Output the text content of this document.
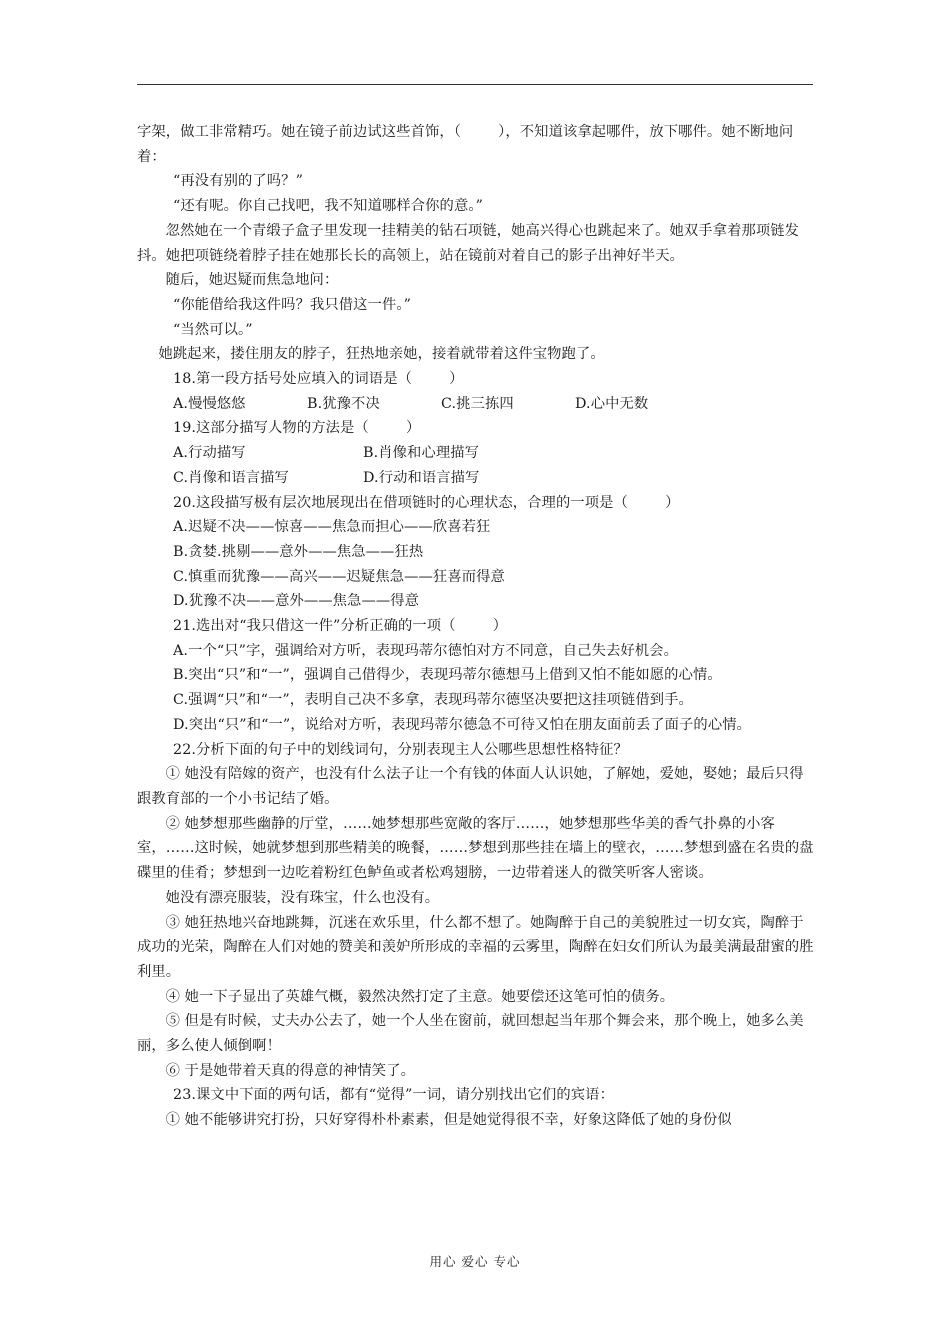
字架，做工非常精巧。她在镜子前边试这些首饰，（        ），不知道该拿起哪件，放下哪件。她不断地问着：

“再没有别的了吗？”

“还有呢。你自己找吧，我不知道哪样合你的意。”

忽然她在一个青缎子盒子里发现一挂精美的钻石项链，她高兴得心也跳起来了。她双手拿着那项链发抖。她把项链绕着脖子挂在她那长长的高领上，站在镜前对着自己的影子出神好半天。

随后，她迟疑而焦急地问：

“你能借给我这件吗？我只借这一件。”

“当然可以。”

她跳起来，搂住朋友的脖子，狂热地亲她，接着就带着这件宝物跑了。

18.第一段方括号处应填入的词语是（        ）

A.慢慢悠悠	B.犹豫不决	C.挑三拣四	D.心中无数

19.这部分描写人物的方法是（        ）

A.行动描写	B.肖像和心理描写
C.肖像和语言描写	D.行动和语言描写

20.这段描写极有层次地展现出在借项链时的心理状态，合理的一项是（        ）

A.迟疑不决——惊喜——焦急而担心——欣喜若狂

B.贪婪.挑剔——意外——焦急——狂热

C.慎重而犹豫——高兴——迟疑焦急——狂喜而得意

D.犹豫不决——意外——焦急——得意

21.选出对“我只借这一件”分析正确的一项（        ）

A.一个“只”字，强调给对方听，表现玛蒂尔德怕对方不同意，自己失去好机会。

B.突出“只”和“一”，强调自己借得少，表现玛蒂尔德想马上借到又怕不能如愿的心情。

C.强调“只”和“一”，表明自己决不多拿，表现玛蒂尔德坚决要把这挂项链借到手。

D.突出“只”和“一”，说给对方听，表现玛蒂尔德急不可待又怕在朋友面前丢了面子的心情。

22.分析下面的句子中的划线词句，分别表现主人公哪些思想性格特征？

① 她没有陪嫁的资产，也没有什么法子让一个有钱的体面人认识她，了解她，爱她，娶她；最后只得跟教育部的一个小书记结了婚。

② 她梦想那些幽静的厅堂，……她梦想那些宽敞的客厅……，她梦想那些华美的香气扑鼻的小客室，……这时候，她就梦想到那些精美的晚餐，……梦想到那些挂在墙上的壁衣，……梦想到盛在名贵的盘碟里的佳肴；梦想到一边吃着粉红色鲈鱼或者松鸡翅膀，一边带着迷人的微笑听客人密谈。

她没有漂亮服装，没有珠宝，什么也没有。

③ 她狂热地兴奋地跳舞，沉迷在欢乐里，什么都不想了。她陶醉于自己的美貌胜过一切女宾，陶醉于成功的光荣，陶醉在人们对她的赞美和羡妒所形成的幸福的云雾里，陶醉在妇女们所认为最美满最甜蜜的胜利里。

④ 她一下子显出了英雄气概，毅然决然打定了主意。她要偿还这笔可怕的债务。

⑤ 但是有时候，丈夫办公去了，她一个人坐在窗前，就回想起当年那个舞会来，那个晚上，她多么美丽，多么使人倾倒啊！

⑥ 于是她带着天真的得意的神情笑了。

23.课文中下面的两句话，都有“觉得”一词，请分别找出它们的宾语：

① 她不能够讲究打扮，只好穿得朴朴素素，但是她觉得很不幸，好象这降低了她的身份似

用心 爱心 专心
